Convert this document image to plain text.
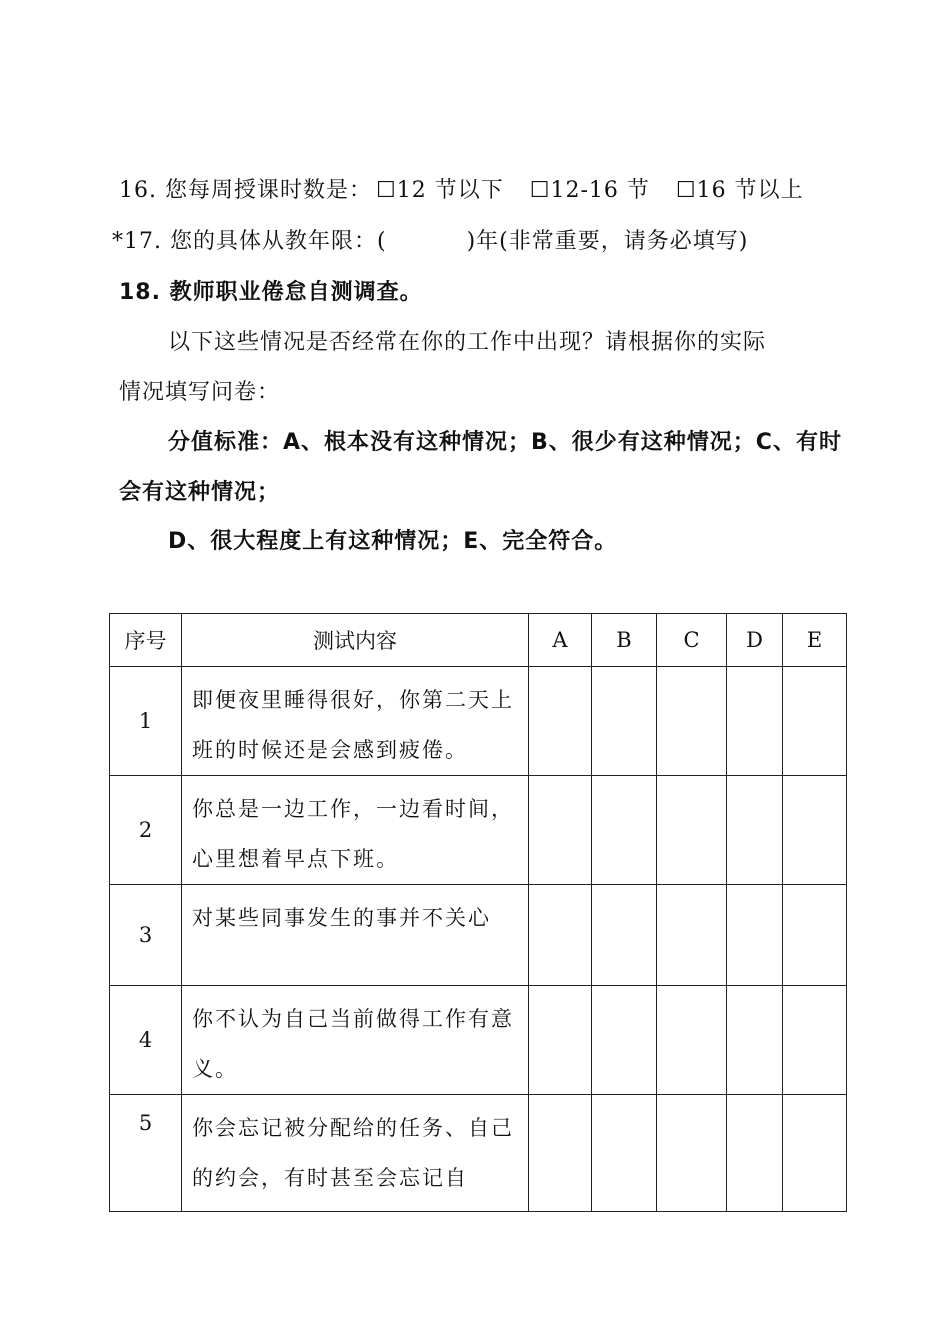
16. 您每周授课时数是： ☐12 节以下 ☐12-16 节 ☐16 节以上
*17. 您的具体从教年限：(	)年(非常重要，请务必填写)
18. 教师职业倦怠自测调查。
以下这些情况是否经常在你的工作中出现？请根据你的实际
情况填写问卷：
分值标准：A、根本没有这种情况；B、很少有这种情况；C、有时
会有这种情况；
D、很大程度上有这种情况；E、完全符合。
序号	测试内容	A	B	C	D	E
1	即便夜里睡得很好，你第二天上班的时候还是会感到疲倦。					
2	你总是一边工作，一边看时间，心里想着早点下班。					
3	对某些同事发生的事并不关心					
4	你不认为自己当前做得工作有意义。					
5	你会忘记被分配给的任务、自己的约会，有时甚至会忘记自					
